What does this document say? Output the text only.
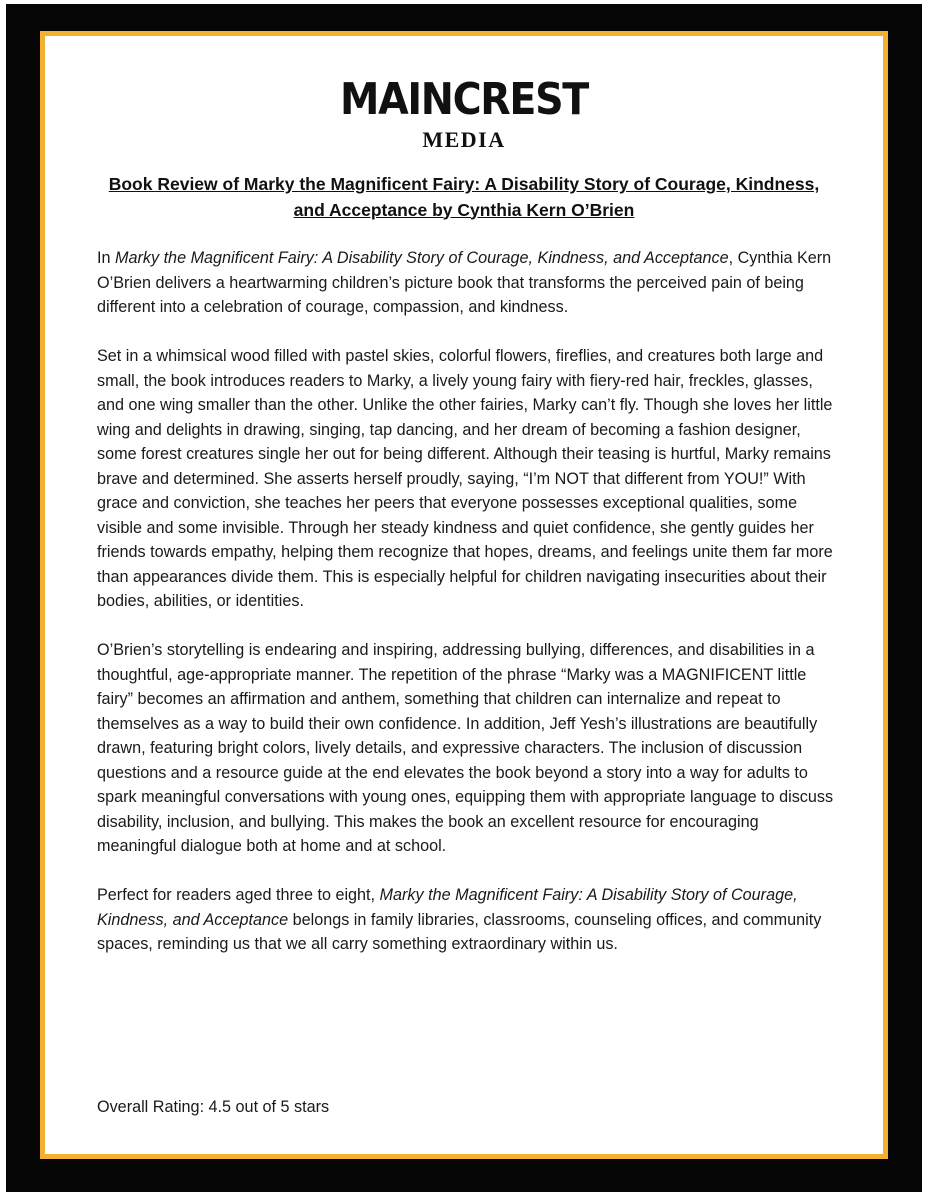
MAINCREST
MEDIA
Book Review of Marky the Magnificent Fairy: A Disability Story of Courage, Kindness, and Acceptance by Cynthia Kern O’Brien

In Marky the Magnificent Fairy: A Disability Story of Courage, Kindness, and Acceptance, Cynthia Kern O’Brien delivers a heartwarming children’s picture book that transforms the perceived pain of being different into a celebration of courage, compassion, and kindness.

Set in a whimsical wood filled with pastel skies, colorful flowers, fireflies, and creatures both large and small, the book introduces readers to Marky, a lively young fairy with fiery-red hair, freckles, glasses, and one wing smaller than the other. Unlike the other fairies, Marky can’t fly. Though she loves her little wing and delights in drawing, singing, tap dancing, and her dream of becoming a fashion designer, some forest creatures single her out for being different. Although their teasing is hurtful, Marky remains brave and determined. She asserts herself proudly, saying, “I’m NOT that different from YOU!” With grace and conviction, she teaches her peers that everyone possesses exceptional qualities, some visible and some invisible. Through her steady kindness and quiet confidence, she gently guides her friends towards empathy, helping them recognize that hopes, dreams, and feelings unite them far more than appearances divide them. This is especially helpful for children navigating insecurities about their bodies, abilities, or identities.

O’Brien’s storytelling is endearing and inspiring, addressing bullying, differences, and disabilities in a thoughtful, age-appropriate manner. The repetition of the phrase “Marky was a MAGNIFICENT little fairy” becomes an affirmation and anthem, something that children can internalize and repeat to themselves as a way to build their own confidence. In addition, Jeff Yesh’s illustrations are beautifully drawn, featuring bright colors, lively details, and expressive characters. The inclusion of discussion questions and a resource guide at the end elevates the book beyond a story into a way for adults to spark meaningful conversations with young ones, equipping them with appropriate language to discuss disability, inclusion, and bullying. This makes the book an excellent resource for encouraging meaningful dialogue both at home and at school.

Perfect for readers aged three to eight, Marky the Magnificent Fairy: A Disability Story of Courage, Kindness, and Acceptance belongs in family libraries, classrooms, counseling offices, and community spaces, reminding us that we all carry something extraordinary within us.

Overall Rating: 4.5 out of 5 stars
